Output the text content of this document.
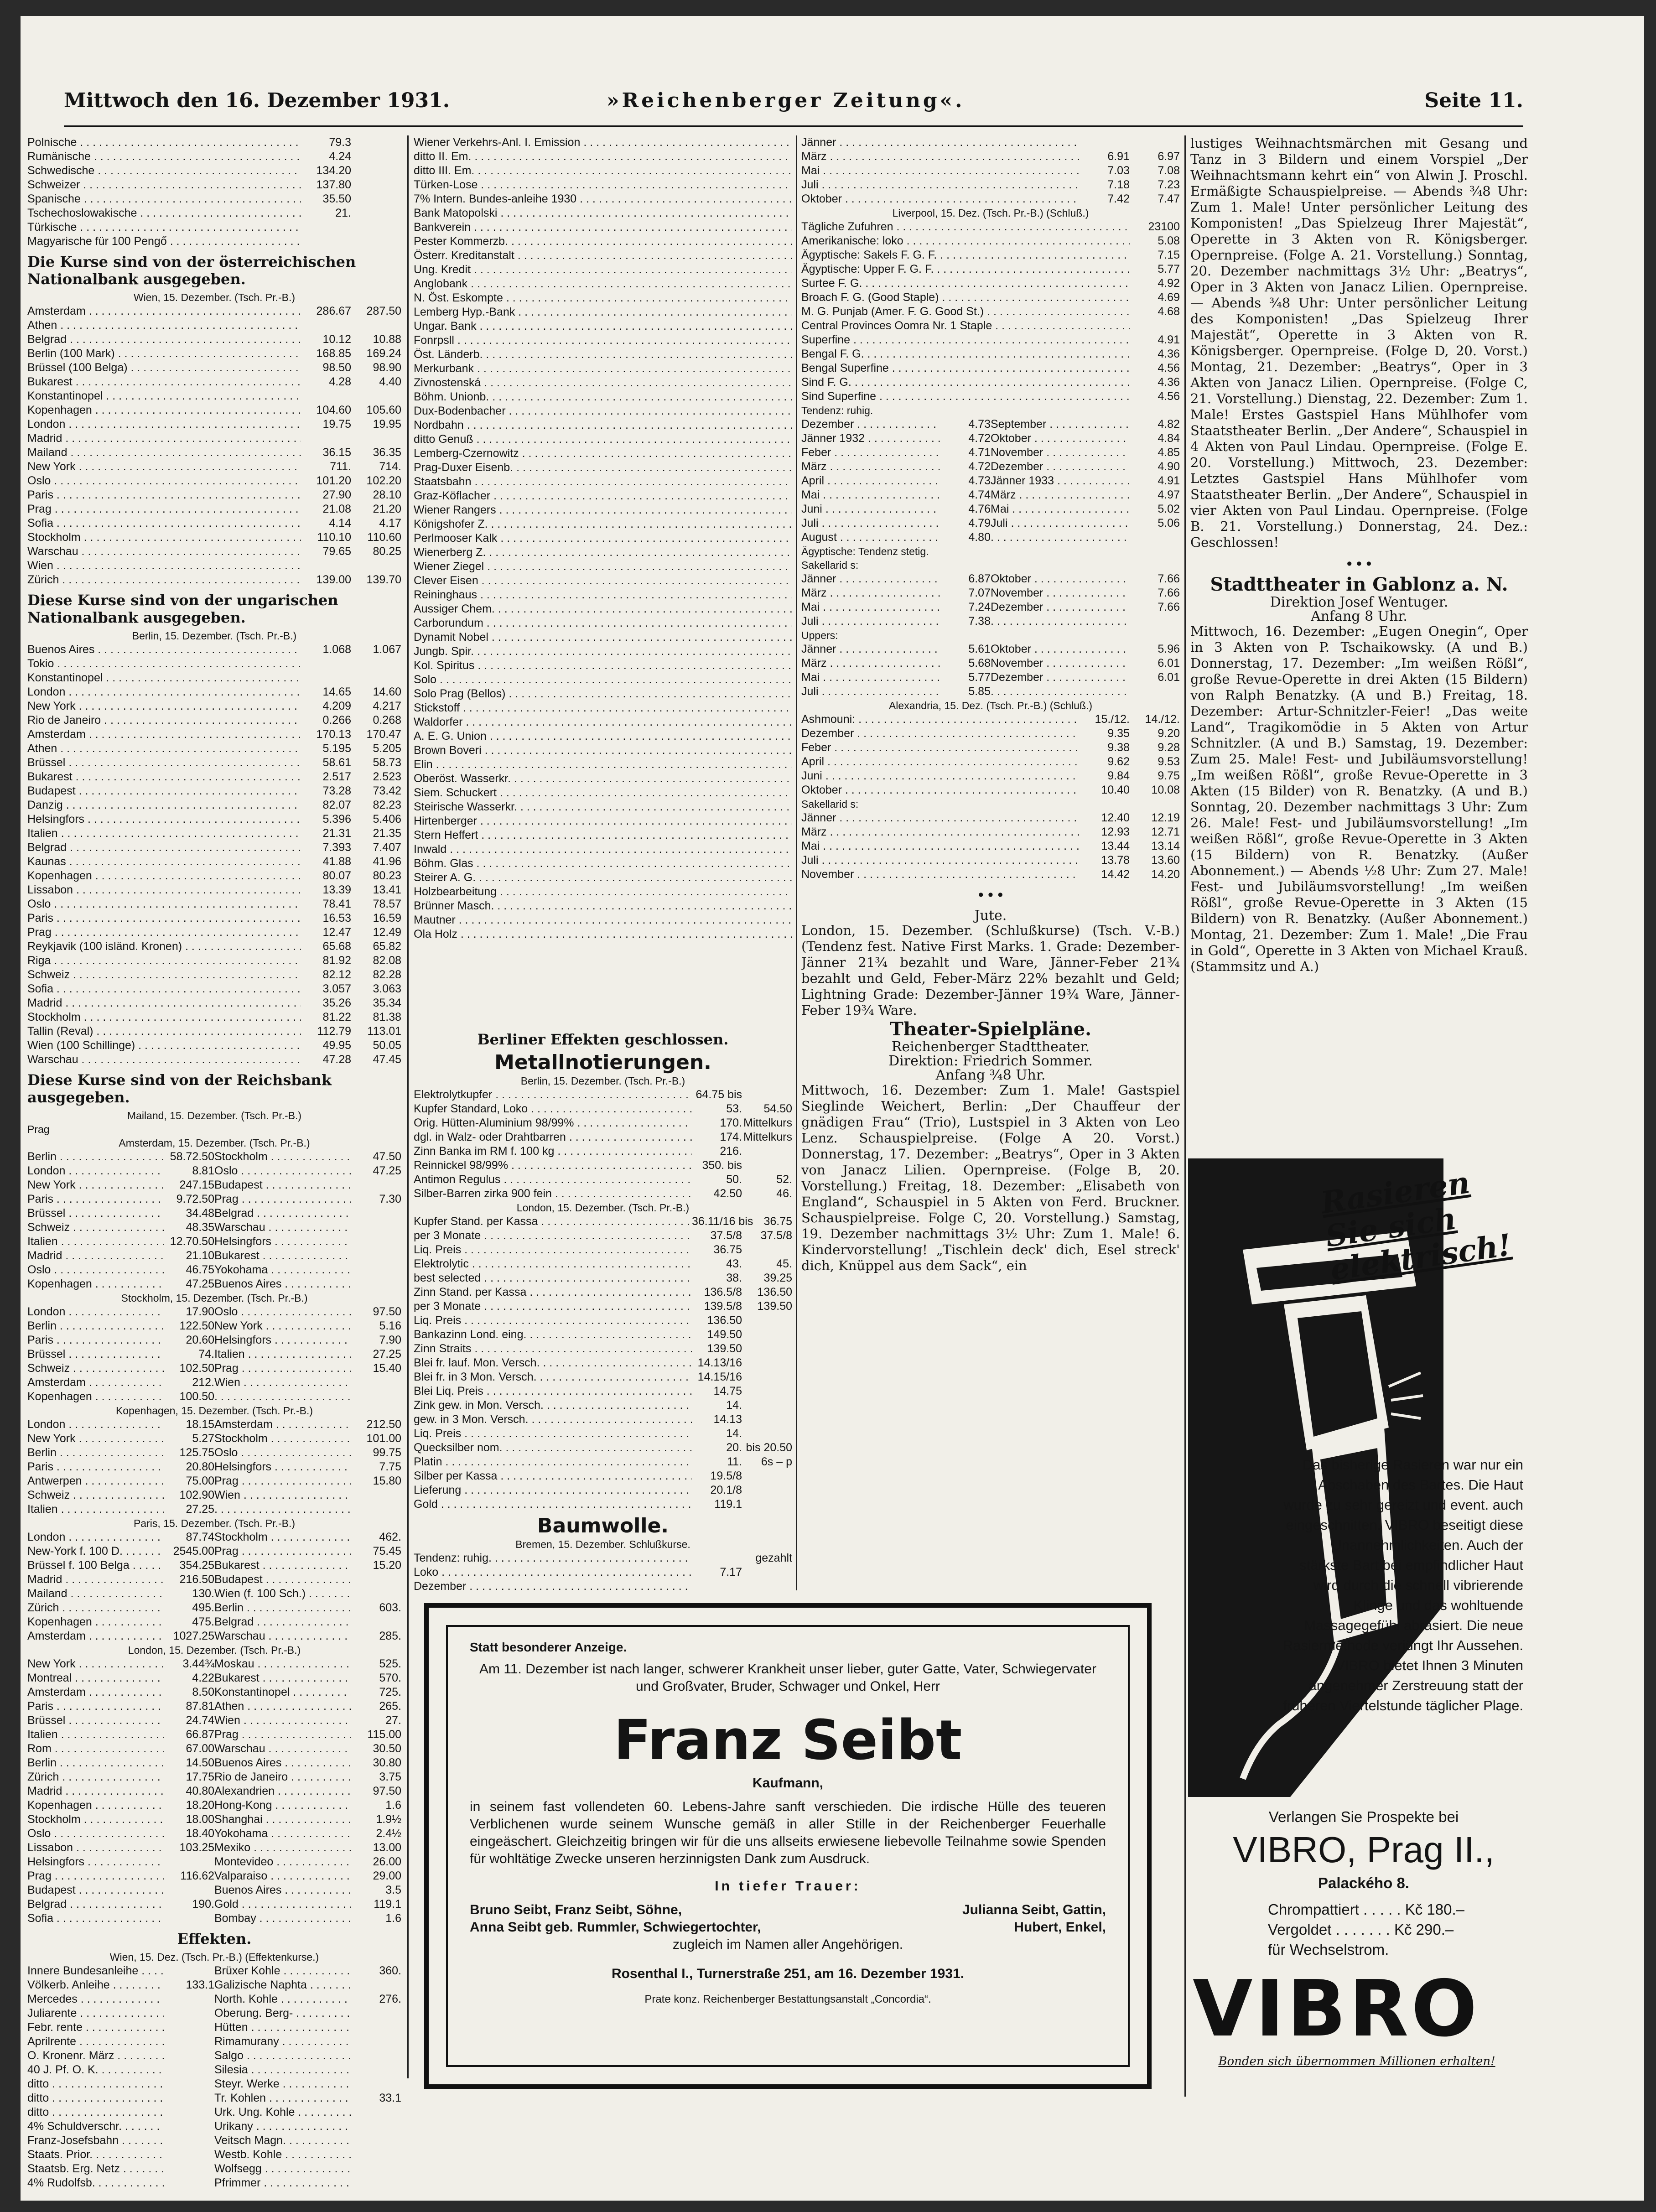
Mittwoch den 16. Dezember 1931.	»Reichenberger Zeitung«.	Seite 11.
Polnische . . .	79.3
Rumänische . . .	4.24
Schwedische . . .	134.20
Schweizer . . .	137.80
Spanische . . .	35.50
Tschechoslowakische . . .	21.
Türkische . . .
Magyarische für 100 Pengő . . .
Die Kurse sind von der österreichischen Nationalbank ausgegeben.
Wien, 15. Dezember. (Tsch. Pr.-B.)
Amsterdam . . .	286.67	287.50
Athen . . .
Belgrad . . .	10.12	10.88
Berlin (100 Mark) . . .	168.85	169.24
Brüssel (100 Belga) . . .	98.50	98.90
Bukarest . . .	4.28	4.40
Konstantinopel . . .
Kopenhagen . . .	104.60	105.60
London . . .	19.75	19.95
Madrid . . .
Mailand . . .	36.15	36.35
New York . . .	711.	714.
Oslo . . .	101.20	102.20
Paris . . .	27.90	28.10
Prag . . .	21.08	21.20
Sofia . . .	4.14	4.17
Stockholm . . .	110.10	110.60
Warschau . . .	79.65	80.25
Wien . . .
Zürich . . .	139.00	139.70
Diese Kurse sind von der ungarischen Nationalbank ausgegeben.
Berlin, 15. Dezember. (Tsch. Pr.-B.)
Buenos Aires . . .	1.068	1.067
Tokio . . .
Konstantinopel . . .
London . . .	14.65	14.60
New York . . .	4.209	4.217
Rio de Janeiro . . .	0.266	0.268
Amsterdam . . .	170.13	170.47
Athen . . .	5.195	5.205
Brüssel . . .	58.61	58.73
Bukarest . . .	2.517	2.523
Budapest . . .	73.28	73.42
Danzig . . .	82.07	82.23
Helsingfors . . .	5.396	5.406
Italien . . .	21.31	21.35
Belgrad . . .	7.393	7.407
Kaunas . . .	41.88	41.96
Kopenhagen . . .	80.07	80.23
Lissabon . . .	13.39	13.41
Oslo . . .	78.41	78.57
Paris . . .	16.53	16.59
Prag . . .	12.47	12.49
Reykjavik (100 isländ. Kronen) . . .	65.68	65.82
Riga . . .	81.92	82.08
Schweiz . . .	82.12	82.28
Sofia . . .	3.057	3.063
Madrid . . .	35.26	35.34
Stockholm . . .	81.22	81.38
Tallin (Reval) . . .	112.79	113.01
Wien (100 Schillinge) . . .	49.95	50.05
Warschau . . .	47.28	47.45
Diese Kurse sind von der Reichsbank ausgegeben.
Mailand, 15. Dezember. (Tsch. Pr.-B.)
Prag
Amsterdam, 15. Dezember. (Tsch. Pr.-B.)
Berlin . . .	58.72.50 Stockholm . . .	47.50
London . . .	8.81 Oslo . . .	47.25
New York . . .	247.15 Budapest . . .
Paris . . .	9.72.50 Prag . . .	7.30
Brüssel . . .	34.48 Belgrad . . .
Schweiz . . .	48.35 Warschau . . .
Italien . . .	12.70.50 Helsingfors . . .
Madrid . . .	21.10 Bukarest . . .
Oslo . . .	46.75 Yokohama . . .
Kopenhagen . . .	47.25 Buenos Aires . . .
Stockholm, 15. Dezember. (Tsch. Pr.-B.)
London . . .	17.90 Oslo . . .	97.50
Berlin . . .	122.50 New York . . .	5.16
Paris . . .	20.60 Helsingfors . . .	7.90
Brüssel . . .	74. Italien . . .	27.25
Schweiz . . .	102.50 Prag . . .	15.40
Amsterdam . . .	212. Wien . . .
Kopenhagen . . .	100.50
. . .
Kopenhagen, 15. Dezember. (Tsch. Pr.-B.)
London . . .	18.15 Amsterdam . . .	212.50
New York . . .	5.27 Stockholm . . .	101.00
Berlin . . .	125.75 Oslo . . .	99.75
Paris . . .	20.80 Helsingfors . . .	7.75
Antwerpen . . .	75.00 Prag . . .	15.80
Schweiz . . .	102.90 Wien . . .
Italien . . .	27.25
. . .
Paris, 15. Dezember. (Tsch. Pr.-B.)
London . . .	87.74 Stockholm . . .	462.
New-York f. 100 D. . . .	2545.00 Prag . . .	75.45
Brüssel f. 100 Belga . . .	354.25 Bukarest . . .	15.20
Madrid . . .	216.50 Budapest . . .
Mailand . . .	130. Wien (f. 100 Sch.) . . .
Zürich . . .	495. Berlin . . .	603.
Kopenhagen . . .	475. Belgrad . . .
Amsterdam . . .	1027.25 Warschau . . .	285.
London, 15. Dezember. (Tsch. Pr.-B.)
New York . . .	3.44¾ Moskau . . .	525.
Montreal . . .	4.22 Bukarest . . .	570.
Amsterdam . . .	8.50 Konstantinopel . . .	725.
Paris . . .	87.81 Athen . . .	265.
Brüssel . . .	24.74 Wien . . .	27.
Italien . . .	66.87 Prag . . .	115.00
Rom . . .	67.00 Warschau . . .	30.50
Berlin . . .	14.50 Buenos Aires . . .	30.80
Zürich . . .	17.75 Rio de Janeiro . . .	3.75
Madrid . . .	40.80 Alexandrien . . .	97.50
Kopenhagen . . .	18.20 Hong-Kong . . .	1.6
Stockholm . . .	18.00 Shanghai . . .	1.9½
Oslo . . .	18.40 Yokohama . . .	2.4½
Lissabon . . .	103.25 Mexiko . . .	13.00
Helsingfors . . .	Montevideo . . .	26.00
Prag . . .	116.62 Valparaiso . . .	29.00
Budapest . . .	Buenos Aires . . .	3.5
Belgrad . . .	190. Gold . . .	119.1
Sofia . . .	Bombay . . .	1.6
Effekten.
Wien, 15. Dez. (Tsch. Pr.-B.) (Effektenkurse.)
Innere Bundesanleihe . . .	Brüxer Kohle . . .	360.
Völkerb. Anleihe . . .	133.1 Galizische Naphta . . .
Mercedes . . .	North. Kohle . . .	276.
Juliarente . . .	Oberung. Berg- . . .
Febr. rente . . .	Hütten . . .
Aprilrente . . .	Rimamurany . . .
O. Kronenr. März . . .	Salgo . . .
40 J. Pf. O. K. . . .	Silesia . . .
ditto . . .	Steyr. Werke . . .
ditto . . .	Tr. Kohlen . . .	33.1
ditto . . .	Urk. Ung. Kohle . . .
4% Schuldverschr. . . .	Urikany . . .
Franz-Josefsbahn . . .	Veitsch Magn. . . .
Staats. Prior. . . .	Westb. Kohle . . .
Staatsb. Erg. Netz . . .	Wolfsegg . . .
4% Rudolfsb. . . .	Pfrimmer . . .
Wiener Verkehrs-Anl. I. Emission . . .
ditto II. Em. . . .
ditto III. Em. . . .
Türken-Lose . . .
7% Intern. Bundes-anleihe 1930 . . .
Bank Matopolski . . .
Bankverein . . .
Pester Kommerzb. . . .
Österr. Kreditanstalt . . .
Ung. Kredit . . .
Anglobank . . .
N. Öst. Eskompte . . .
Lemberg Hyp.-Bank . . .
Ungar. Bank . . .
Fonrpsll . . .
Öst. Länderb. . . .
Merkurbank . . .
Zivnostenská . . .
Böhm. Unionb. . . .
Dux-Bodenbacher . . .
Nordbahn . . .
ditto Genuß . . .
Lemberg-Czernowitz . . .
Prag-Duxer Eisenb. . . .
Staatsbahn . . .
Graz-Köflacher . . .
Wiener Rangers . . .
Königshofer Z. . . .
Perlmooser Kalk . . .
Wienerberg Z. . . .
Wiener Ziegel . . .
Clever Eisen . . .
Reininghaus . . .
Aussiger Chem. . . .
Carborundum . . .
Dynamit Nobel . . .
Jungb. Spir. . . .
Kol. Spiritus . . .
Solo . . .
Solo Prag (Bellos) . . .
Stickstoff . . .
Waldorfer . . .
A. E. G. Union . . .
Brown Boveri . . .
Elin . . .
Oberöst. Wasserkr. . . .
Siem. Schuckert . . .
Steirische Wasserkr. . . .
Hirtenberger . . .
Stern Heffert . . .
Inwald . . .
Böhm. Glas . . .
Steirer A. G. . . .
Holzbearbeitung . . .
Brünner Masch. . . .
Mautner . . .
Ola Holz . . .
Berliner Effekten geschlossen.
Metallnotierungen.
Berlin, 15. Dezember. (Tsch. Pr.-B.)
Elektrolytkupfer . . .	64.75 bis
Kupfer Standard, Loko . . .	53.	54.50
Orig. Hütten-Aluminium 98/99% . . .	170. Mittelkurs
dgl. in Walz- oder Drahtbarren . . .	174. Mittelkurs
Zinn Banka im RM f. 100 kg . . .	216.
Reinnickel 98/99% . . .	350. bis
Antimon Regulus . . .	50.	52.
Silber-Barren zirka 900 fein . . .	42.50	46.
London, 15. Dezember. (Tsch. Pr.-B.)
Kupfer Stand. per Kassa . . .	36.11/16 bis 36.75
per 3 Monate . . .	37.5/8	37.5/8
Liq. Preis . . .	36.75
Elektrolytic . . .	43.	45.
best selected . . .	38.	39.25
Zinn Stand. per Kassa . . .	136.5/8	136.50
per 3 Monate . . .	139.5/8	139.50
Liq. Preis . . .	136.50
Bankazinn Lond. eing. . . .	149.50
Zinn Straits . . .	139.50
Blei fr. lauf. Mon. Versch. . . .	14.13/16
Blei fr. in 3 Mon. Versch. . . .	14.15/16
Blei Liq. Preis . . .	14.75
Zink gew. in Mon. Versch. . . .	14.
gew. in 3 Mon. Versch. . . .	14.13
Liq. Preis . . .	14.
Quecksilber nom. . . .	20. bis 20.50
Platin . . .	11.	6s – p
Silber per Kassa . . .	19.5/8
Lieferung . . .	20.1/8
Gold . . .	119.1
Baumwolle.
Bremen, 15. Dezember. Schlußkurse.
Tendenz: ruhig. . . .	gezahlt
Loko . . .	7.17
Dezember . . .
Jänner . . .
März . . .	6.91	6.97
Mai . . .	7.03	7.08
Juli . . .	7.18	7.23
Oktober . . .	7.42	7.47
Liverpool, 15. Dez. (Tsch. Pr.-B.) (Schluß.)
Tägliche Zufuhren . . .	23100
Amerikanische: loko . . .	5.08
Ägyptische: Sakels F. G. F. . . .	7.15
Ägyptische: Upper F. G. F. . . .	5.77
Surtee F. G. . . .	4.92
Broach F. G. (Good Staple) . . .	4.69
M. G. Punjab (Amer. F. G. Good St.) . . .	4.68
Central Provinces Oomra Nr. 1 Staple . . .
Superfine . . .	4.91
Bengal F. G. . . .	4.36
Bengal Superfine . . .	4.56
Sind F. G. . . .	4.36
Sind Superfine . . .	4.56
Tendenz: ruhig.
Dezember . . .	4.73 September . . .	4.82
Jänner 1932 . . .	4.72 Oktober . . .	4.84
Feber . . .	4.71 November . . .	4.85
März . . .	4.72 Dezember . . .	4.90
April . . .	4.73 Jänner 1933 . . .	4.91
Mai . . .	4.74 März . . .	4.97
Juni . . .	4.76 Mai . . .	5.02
Juli . . .	4.79 Juli . . .	5.06
August . . .	4.80
. . .
Ägyptische: Tendenz stetig.
Sakellarid s:
Jänner . . .	6.87 Oktober . . .	7.66
März . . .	7.07 November . . .	7.66
Mai . . .	7.24 Dezember . . .	7.66
Juli . . .	7.38
. . .
Uppers:
Jänner . . .	5.61 Oktober . . .	5.96
März . . .	5.68 November . . .	6.01
Mai . . .	5.77 Dezember . . .	6.01
Juli . . .	5.85
. . .
Alexandria, 15. Dez. (Tsch. Pr.-B.) (Schluß.)
Ashmouni: . . .	15./12.	14./12.
Dezember . . .	9.35	9.20
Feber . . .	9.38	9.28
April . . .	9.62	9.53
Juni . . .	9.84	9.75
Oktober . . .	10.40	10.08
Sakellarid s:
Jänner . . .	12.40	12.19
März . . .	12.93	12.71
Mai . . .	13.44	13.14
Juli . . .	13.78	13.60
November . . .	14.42	14.20
• • •
Jute.
London, 15. Dezember. (Schlußkurse) (Tsch. V.-B.) (Tendenz fest. Native First Marks. 1. Grade: Dezember-Jänner 21¾ bezahlt und Ware, Jänner-Feber 21¾ bezahlt und Geld, Feber-März 22% bezahlt und Geld; Lightning Grade: Dezember-Jänner 19¾ Ware, Jänner-Feber 19¾ Ware.
Theater-Spielpläne.
Reichenberger Stadttheater.
Direktion: Friedrich Sommer.
Anfang ¾8 Uhr.
Mittwoch, 16. Dezember: Zum 1. Male! Gastspiel Sieglinde Weichert, Berlin: „Der Chauffeur der gnädigen Frau“ (Trio), Lustspiel in 3 Akten von Leo Lenz. Schauspielpreise. (Folge A 20. Vorst.) Donnerstag, 17. Dezember: „Beatrys“, Oper in 3 Akten von Janacz Lilien. Opernpreise. (Folge B, 20. Vorstellung.) Freitag, 18. Dezember: „Elisabeth von England“, Schauspiel in 5 Akten von Ferd. Bruckner. Schauspielpreise. Folge C, 20. Vorstellung.) Samstag, 19. Dezember nachmittags 3½ Uhr: Zum 1. Male! 6. Kindervorstellung! „Tischlein deck' dich, Esel streck' dich, Knüppel aus dem Sack“, ein
lustiges Weihnachtsmärchen mit Gesang und Tanz in 3 Bildern und einem Vorspiel „Der Weihnachtsmann kehrt ein“ von Alwin J. Proschl. Ermäßigte Schauspielpreise. — Abends ¾8 Uhr: Zum 1. Male! Unter persönlicher Leitung des Komponisten! „Das Spielzeug Ihrer Majestät“, Operette in 3 Akten von R. Königsberger. Opernpreise. (Folge A. 21. Vorstellung.) Sonntag, 20. Dezember nachmittags 3½ Uhr: „Beatrys“, Oper in 3 Akten von Janacz Lilien. Opernpreise. — Abends ¾8 Uhr: Unter persönlicher Leitung des Komponisten! „Das Spielzeug Ihrer Majestät“, Operette in 3 Akten von R. Königsberger. Opernpreise. (Folge D, 20. Vorst.) Montag, 21. Dezember: „Beatrys“, Oper in 3 Akten von Janacz Lilien. Opernpreise. (Folge C, 21. Vorstellung.) Dienstag, 22. Dezember: Zum 1. Male! Erstes Gastspiel Hans Mühlhofer vom Staatstheater Berlin. „Der Andere“, Schauspiel in 4 Akten von Paul Lindau. Opernpreise. (Folge E. 20. Vorstellung.) Mittwoch, 23. Dezember: Letztes Gastspiel Hans Mühlhofer vom Staatstheater Berlin. „Der Andere“, Schauspiel in vier Akten von Paul Lindau. Opernpreise. (Folge B. 21. Vorstellung.) Donnerstag, 24. Dez.: Geschlossen!
• • •
Stadttheater in Gablonz a. N.
Direktion Josef Wentuger.
Anfang 8 Uhr.
Mittwoch, 16. Dezember: „Eugen Onegin“, Oper in 3 Akten von P. Tschaikowsky. (A und B.) Donnerstag, 17. Dezember: „Im weißen Rößl“, große Revue-Operette in drei Akten (15 Bildern) von Ralph Benatzky. (A und B.) Freitag, 18. Dezember: Artur-Schnitzler-Feier! „Das weite Land“, Tragikomödie in 5 Akten von Artur Schnitzler. (A und B.) Samstag, 19. Dezember: Zum 25. Male! Fest- und Jubiläumsvorstellung! „Im weißen Rößl“, große Revue-Operette in 3 Akten (15 Bilder) von R. Benatzky. (A und B.) Sonntag, 20. Dezember nachmittags 3 Uhr: Zum 26. Male! Fest- und Jubiläumsvorstellung! „Im weißen Rößl“, große Revue-Operette in 3 Akten (15 Bildern) von R. Benatzky. (Außer Abonnement.) — Abends ½8 Uhr: Zum 27. Male! Fest- und Jubiläumsvorstellung! „Im weißen Rößl“, große Revue-Operette in 3 Akten (15 Bildern) von R. Benatzky. (Außer Abonnement.) Montag, 21. Dezember: Zum 1. Male! „Die Frau in Gold“, Operette in 3 Akten von Michael Krauß. (Stammsitz und A.)
Statt besonderer Anzeige.
Am 11. Dezember ist nach langer, schwerer Krankheit unser lieber, guter Gatte, Vater, Schwiegervater und Großvater, Bruder, Schwager und Onkel, Herr
Franz Seibt
Kaufmann,
in seinem fast vollendeten 60. Lebens-Jahre sanft verschieden. Die irdische Hülle des teueren Verblichenen wurde seinem Wunsche gemäß in aller Stille in der Reichenberger Feuerhalle eingeäschert. Gleichzeitig bringen wir für die uns allseits erwiesene liebevolle Teilnahme sowie Spenden für wohltätige Zwecke unseren herzinnigsten Dank zum Ausdruck.
In tiefer Trauer:
Bruno Seibt, Franz Seibt, Söhne,	Julianna Seibt, Gattin,
Anna Seibt geb. Rummler, Schwiegertochter,	Hubert, Enkel,
zugleich im Namen aller Angehörigen.
Rosenthal I., Turnerstraße 251, am 16. Dezember 1931.
Prate konz. Reichenberger Bestattungsanstalt „Concordia“.
Rasieren Sie sich elektrisch!
Das bisherige Rasieren war nur ein Abschaben des Bartes. Die Haut wurde zu sehr gereizt und event. auch eingeschnitten. VIBRO beseitigt diese Unannehmlichkeiten. Auch der stärkste Bart bei empfindlicher Haut wird durch die schnell vibrierende Klinge und das wohltuende Massagegefühl abrasiert. Die neue Rasiermethode verjüngt Ihr Aussehen. VIBRO bietet Ihnen 3 Minuten angenehmer Zerstreuung statt der früheren Viertelstunde täglicher Plage.
Verlangen Sie Prospekte bei
VIBRO, Prag II.,
Palackého 8.
Chrompattiert . . . . . Kč 180.–
Vergoldet . . . . . . . Kč 290.–
für Wechselstrom.
VIBRO
Bonden sich übernommen Millionen erhalten!
